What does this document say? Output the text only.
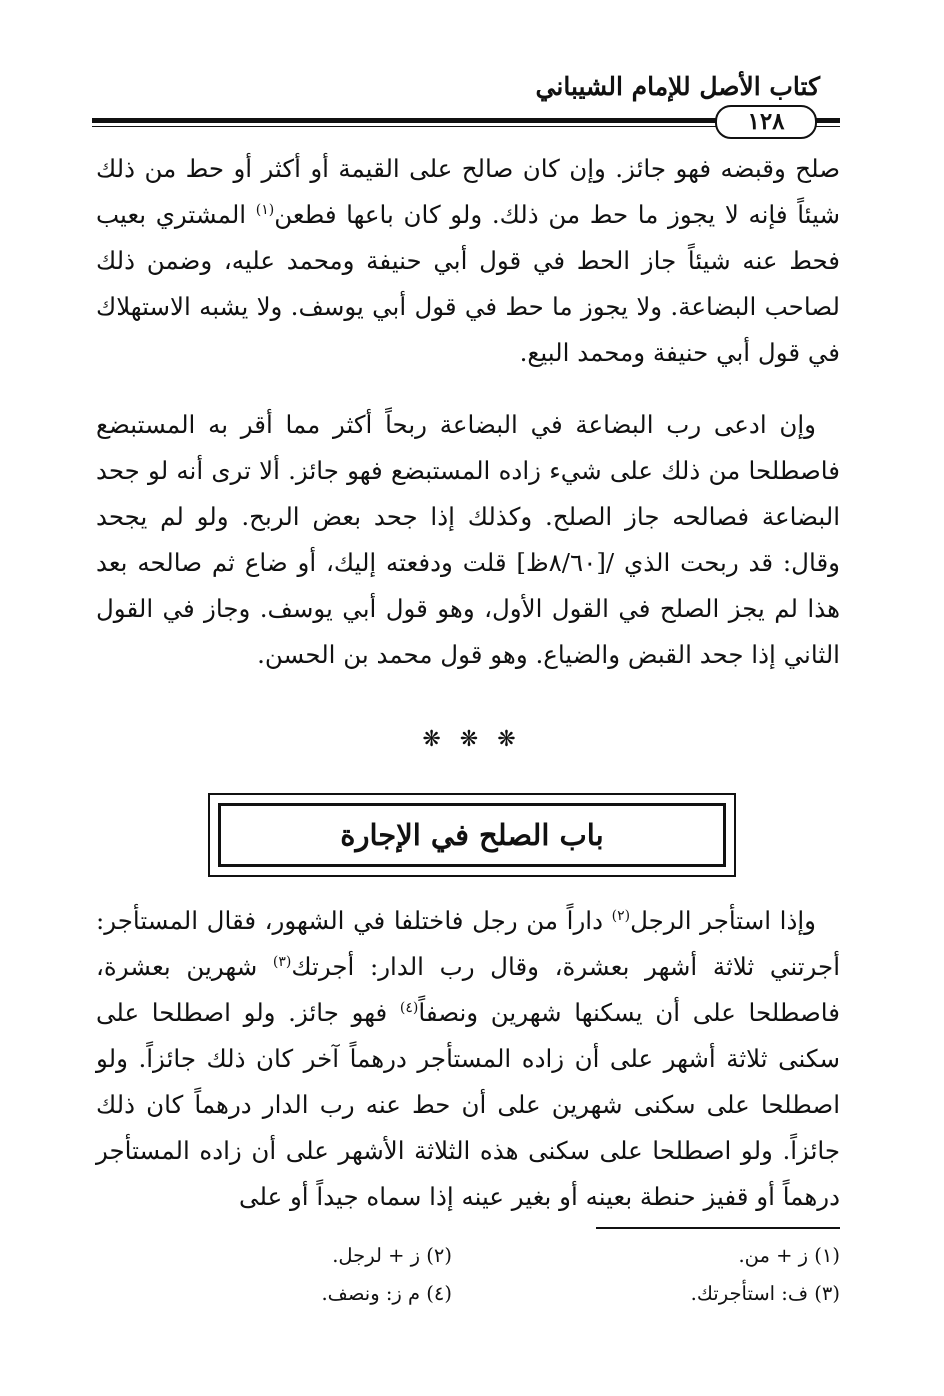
كتاب الأصل للإمام الشيباني
١٢٨
صلح وقبضه فهو جائز. وإن كان صالح على القيمة أو أكثر أو حط من ذلك شيئاً فإنه لا يجوز ما حط من ذلك. ولو كان باعها فطعن$^{(١)}$ المشتري بعيب فحط عنه شيئاً جاز الحط في قول أبي حنيفة ومحمد عليه، وضمن ذلك لصاحب البضاعة. ولا يجوز ما حط في قول أبي يوسف. ولا يشبه الاستهلاك في قول أبي حنيفة ومحمد البيع.
وإن ادعى رب البضاعة في البضاعة ربحاً أكثر مما أقر به المستبضع فاصطلحا من ذلك على شيء زاده المستبضع فهو جائز. ألا ترى أنه لو جحد البضاعة فصالحه جاز الصلح. وكذلك إذا جحد بعض الربح. ولو لم يجحد وقال: قد ربحت الذي /[٨/٦٠ظ] قلت ودفعته إليك، أو ضاع ثم صالحه بعد هذا لم يجز الصلح في القول الأول، وهو قول أبي يوسف. وجاز في القول الثاني إذا جحد القبض والضياع. وهو قول محمد بن الحسن.
❋ ❋ ❋
باب الصلح في الإجارة
وإذا استأجر الرجل$^{(٢)}$ داراً من رجل فاختلفا في الشهور، فقال المستأجر: أجرتني ثلاثة أشهر بعشرة، وقال رب الدار: أجرتك$^{(٣)}$ شهرين بعشرة، فاصطلحا على أن يسكنها شهرين ونصفاً$^{(٤)}$ فهو جائز. ولو اصطلحا على سكنى ثلاثة أشهر على أن زاده المستأجر درهماً آخر كان ذلك جائزاً. ولو اصطلحا على سكنى شهرين على أن حط عنه رب الدار درهماً كان ذلك جائزاً. ولو اصطلحا على سكنى هذه الثلاثة الأشهر على أن زاده المستأجر درهماً أو قفيز حنطة بعينه أو بغير عينه إذا سماه جيداً أو على
(١) ز + من.
(٢) ز + لرجل.
(٣) ف: استأجرتك.
(٤) م ز: ونصف.
